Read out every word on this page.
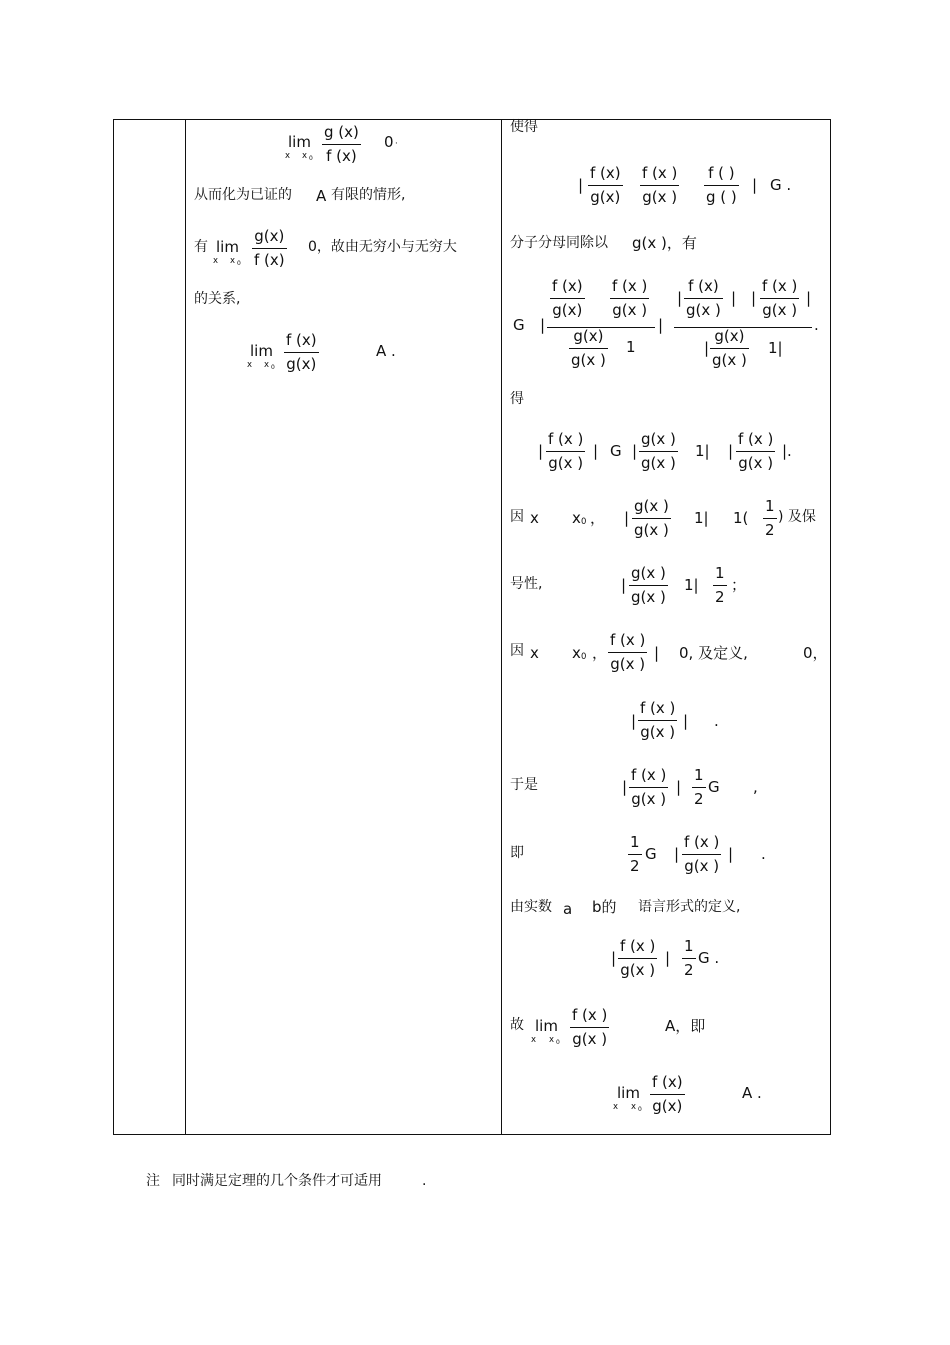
lim
x x 0
g (x)
f (x)
0 ·
从而化为已证的 A 有限的情形,
有 lim
x x 0
g(x)
f (x)
0，故由无穷小与无穷大
的关系,
lim
x x 0
f (x)
g(x)
A .
使得
|
f (x)
g(x)
f (x )
g(x )
f ( )
g ( )
| G .
分子分母同除以 g(x )，有
G |
f (x)
g(x)
f (x )
g(x )
g(x)
g(x )
1
|
|
f (x)
g(x )
| |
f (x )
g(x )
|
|
g(x)
g(x )
1|
.
得
|
f (x )
g(x )
| G |
g(x )
g(x )
1| |
f (x )
g(x )
|.
因 x x 0 ， |
g(x )
g(x )
1| 1(
1
2
) 及保
号性,	|
g(x )
g(x )
1|
1
2
；
因 x x 0 ，
f (x )
g(x )
| 0, 及定义,	0，
|
f (x )
g(x )
| .
于是	|
f (x )
g(x )
|
1
2
G ,
即
1
2
G |
f (x )
g(x )
| .
由实数 a b的 语言形式的定义,
|
f (x )
g(x )
|
1
2
G .
故 lim
x x 0
f (x )
g(x )
A，即
lim
x x 0
f (x)
g(x)
A .
注 同时满足定理的几个条件才可适用	.
